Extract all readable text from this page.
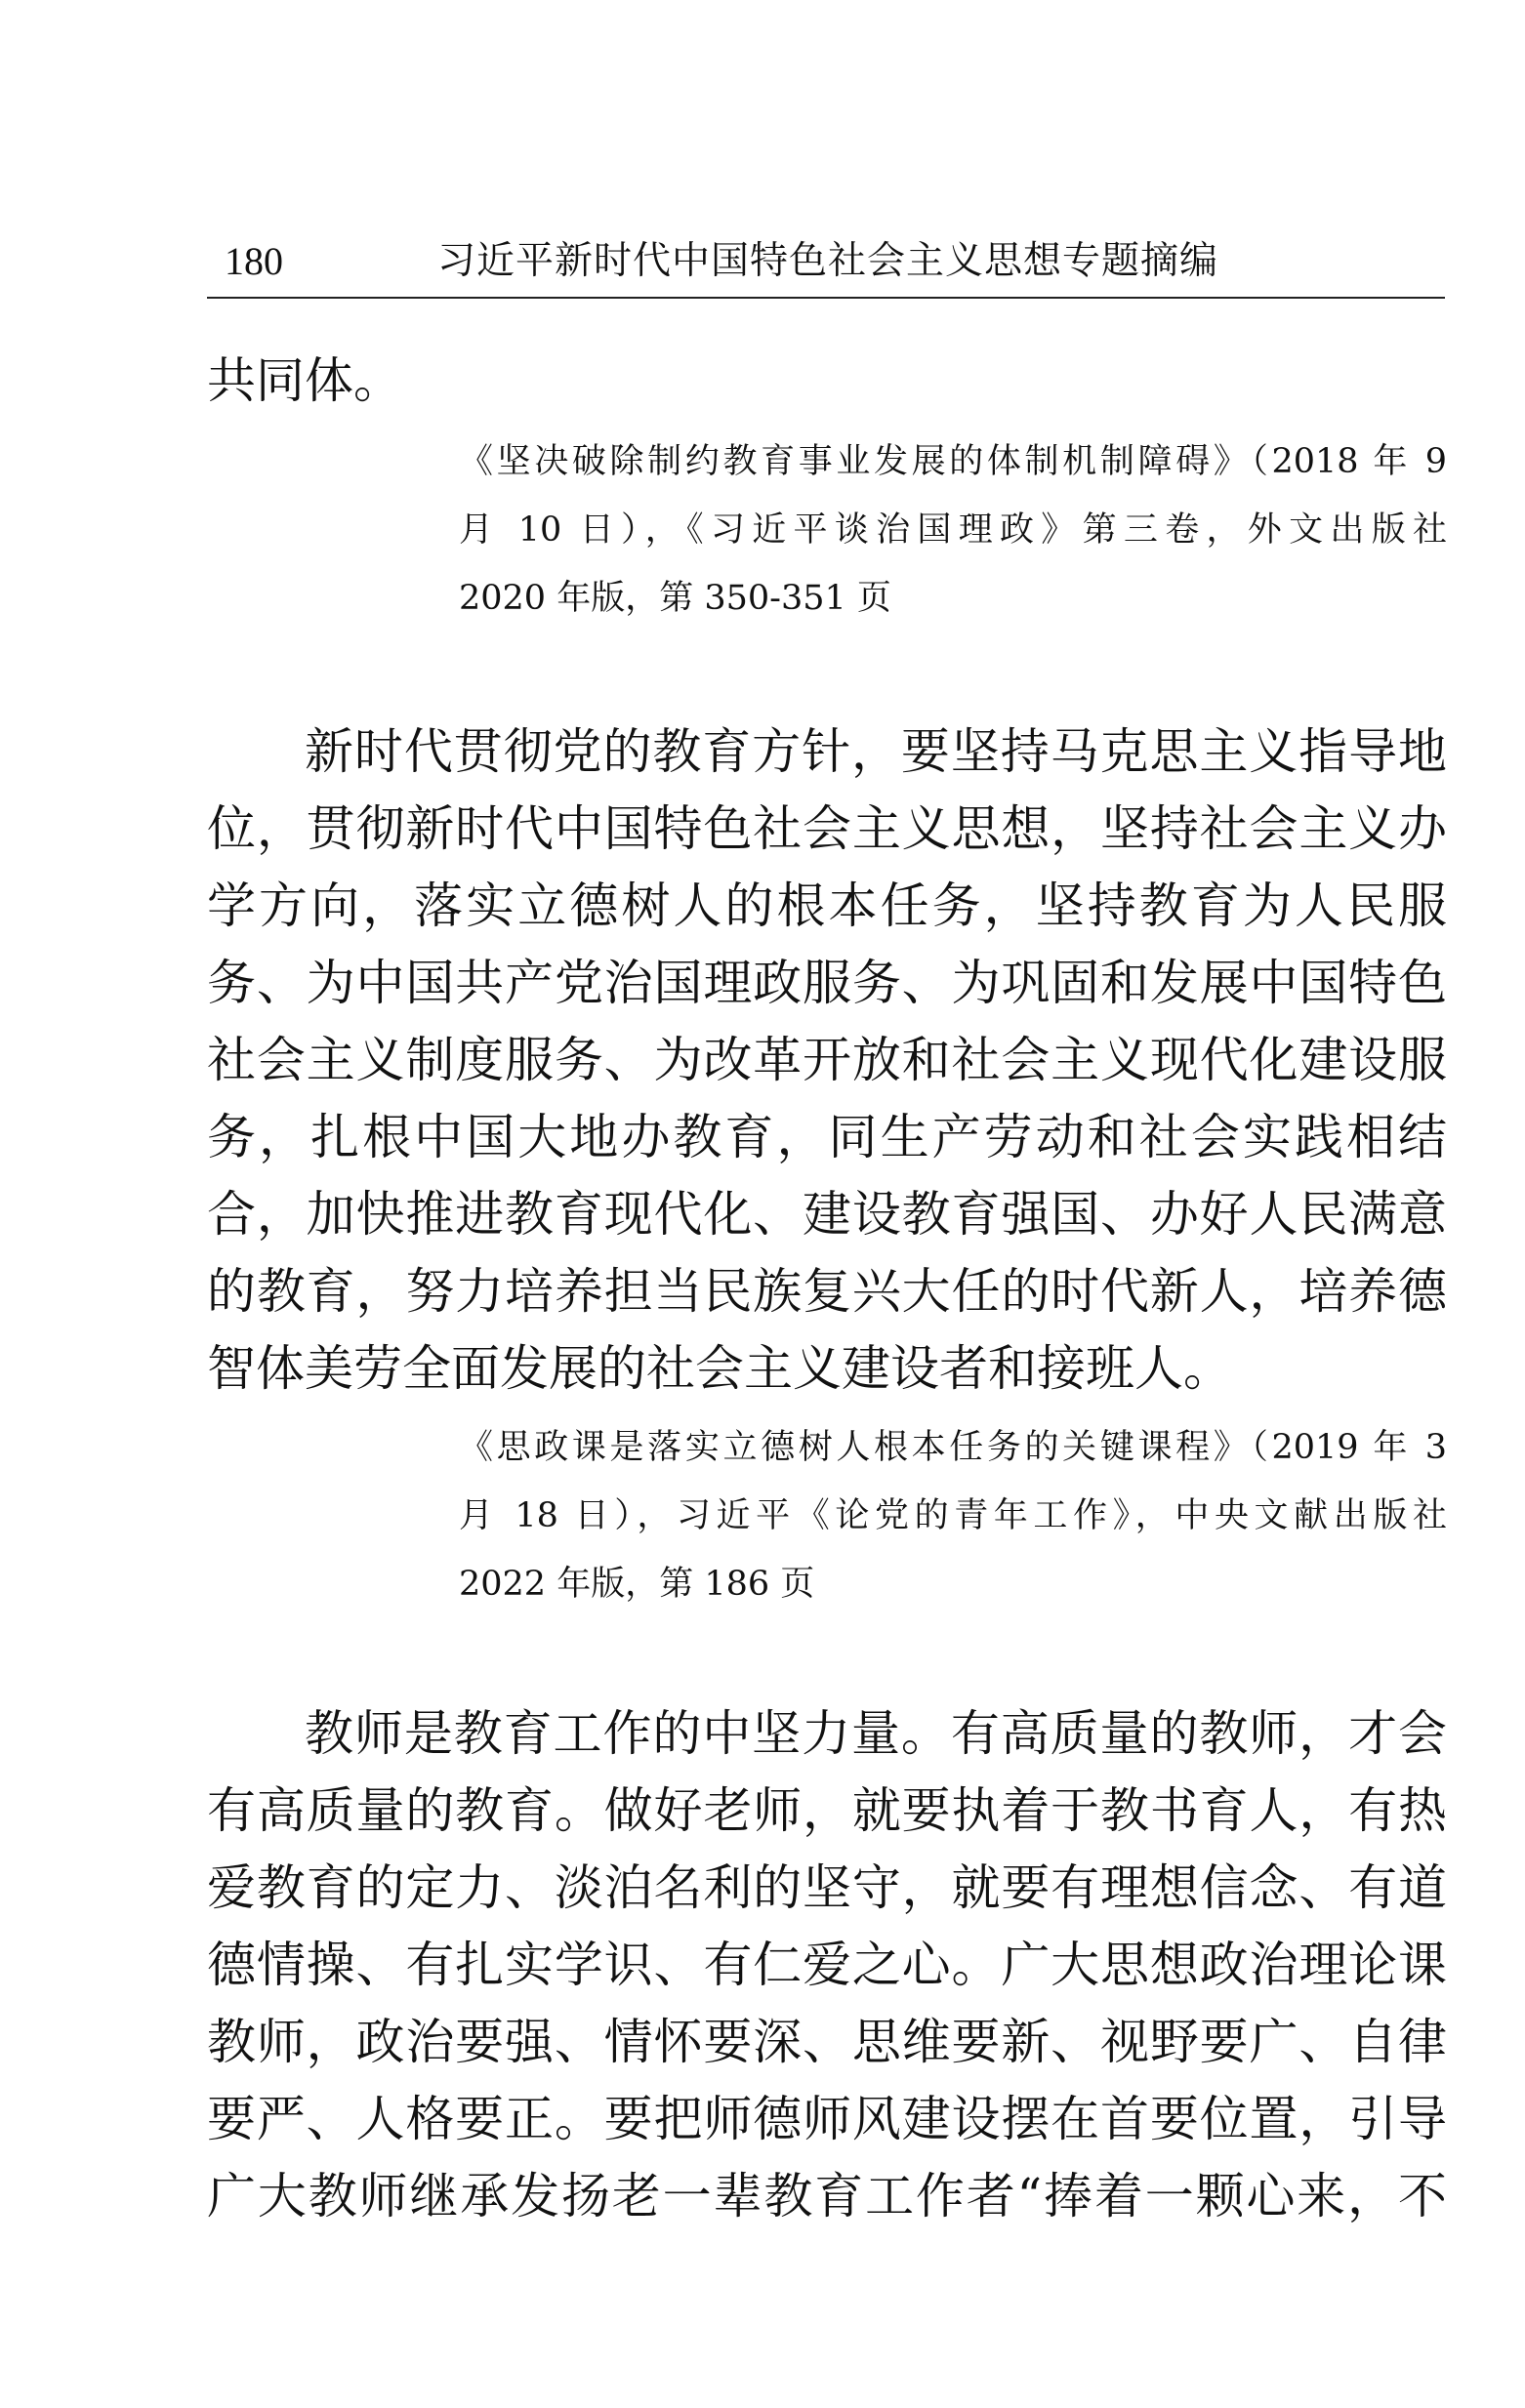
180	习近平新时代中国特色社会主义思想专题摘编
共同体。
《坚决破除制约教育事业发展的体制机制障碍》（2018 年 9
月 10 日），《习近平谈治国理政》第三卷，外文出版社
2020 年版，第 350-351 页
新时代贯彻党的教育方针，要坚持马克思主义指导地
位，贯彻新时代中国特色社会主义思想，坚持社会主义办
学方向，落实立德树人的根本任务，坚持教育为人民服
务、为中国共产党治国理政服务、为巩固和发展中国特色
社会主义制度服务、为改革开放和社会主义现代化建设服
务，扎根中国大地办教育，同生产劳动和社会实践相结
合，加快推进教育现代化、建设教育强国、办好人民满意
的教育，努力培养担当民族复兴大任的时代新人，培养德
智体美劳全面发展的社会主义建设者和接班人。
《思政课是落实立德树人根本任务的关键课程》（2019 年 3
月 18 日），习近平《论党的青年工作》，中央文献出版社
2022 年版，第 186 页
教师是教育工作的中坚力量。有高质量的教师，才会
有高质量的教育。做好老师，就要执着于教书育人，有热
爱教育的定力、淡泊名利的坚守，就要有理想信念、有道
德情操、有扎实学识、有仁爱之心。广大思想政治理论课
教师，政治要强、情怀要深、思维要新、视野要广、自律
要严、人格要正。要把师德师风建设摆在首要位置，引导
广大教师继承发扬老一辈教育工作者“捧着一颗心来，不
